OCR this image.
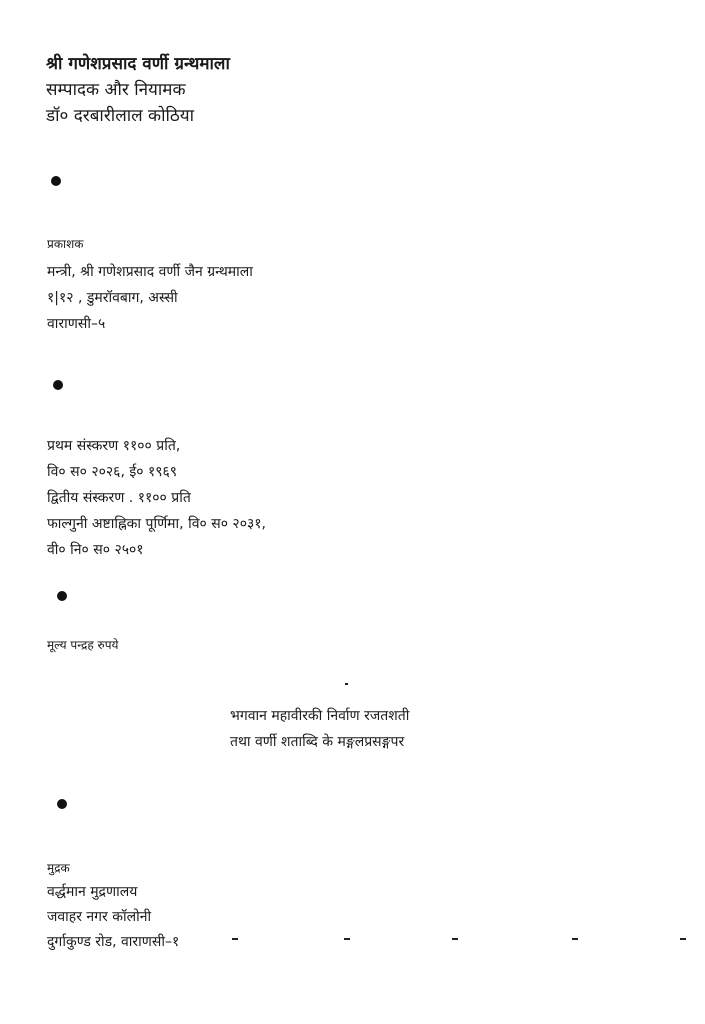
श्री गणेशप्रसाद वर्णी ग्रन्थमाला
सम्पादक और नियामक
डॉ० दरबारीलाल कोठिया
प्रकाशक
मन्त्री, श्री गणेशप्रसाद वर्णी जैन ग्रन्थमाला
१|१२ , डुमरॉवबाग, अस्सी
वाराणसी–५
प्रथम संस्करण ११०० प्रति,
वि० स० २०२६, ई० १९६९
द्वितीय संस्करण . ११०० प्रति
फाल्गुनी अष्टाह्निका पूर्णिमा, वि० स० २०३१,
वी० नि० स० २५०१
मूल्य पन्द्रह रुपये
भगवान महावीरकी निर्वाण रजतशती
तथा वर्णी शताब्दि के मङ्गलप्रसङ्गपर
मुद्रक
वर्द्धमान मुद्रणालय
जवाहर नगर कॉलोनी
दुर्गाकुण्ड रोड, वाराणसी–१
